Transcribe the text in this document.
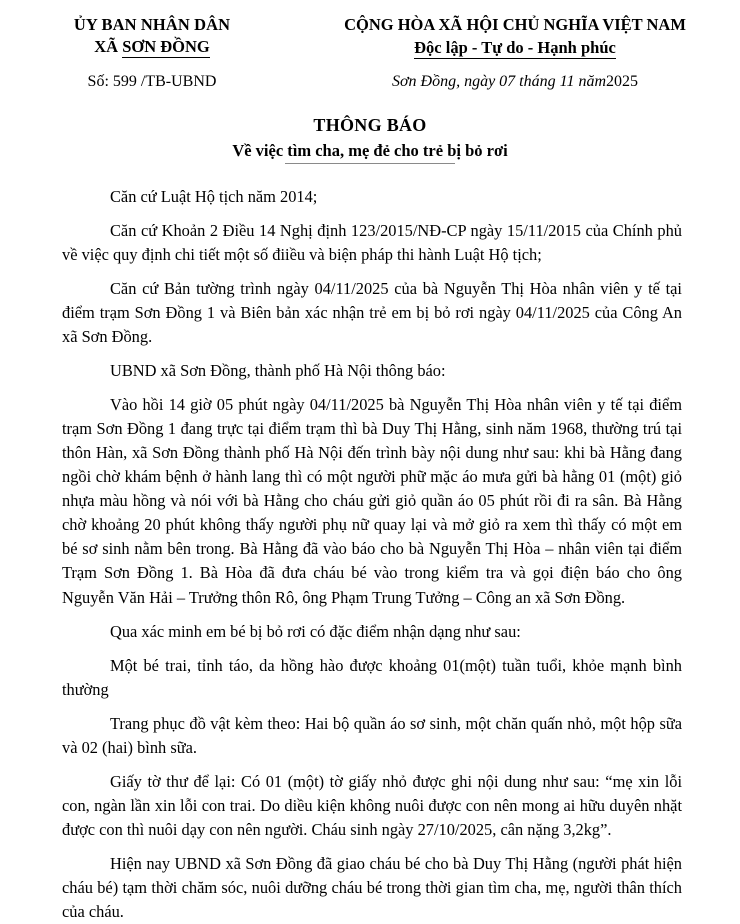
ỦY BAN NHÂN DÂN
XÃ SƠN ĐỒNG
CỘNG HÒA XÃ HỘI CHỦ NGHĨA VIỆT NAM
Độc lập - Tự do - Hạnh phúc
Số: 599 /TB-UBND	Sơn Đồng, ngày 07 tháng 11 năm2025
THÔNG BÁO
Về việc tìm cha, mẹ đẻ cho trẻ bị bỏ rơi

Căn cứ Luật Hộ tịch năm 2014;

Căn cứ Khoản 2 Điều 14 Nghị định 123/2015/NĐ-CP ngày 15/11/2015 của Chính phủ về việc quy định chi tiết một số điiều và biện pháp thi hành Luật Hộ tịch;

Căn cứ Bản tường trình ngày 04/11/2025 của bà Nguyễn Thị Hòa nhân viên y tế tại điểm trạm Sơn Đồng 1 và Biên bản xác nhận trẻ em bị bỏ rơi ngày 04/11/2025 của Công An xã Sơn Đồng.

UBND xã Sơn Đồng, thành phố Hà Nội thông báo:

Vào hồi 14 giờ 05 phút ngày 04/11/2025 bà Nguyễn Thị Hòa nhân viên y tế tại điểm trạm Sơn Đồng 1 đang trực tại điểm trạm thì bà Duy Thị Hằng, sinh năm 1968, thường trú tại thôn Hàn, xã Sơn Đồng thành phố Hà Nội đến trình bày nội dung như sau: khi bà Hằng đang ngồi chờ khám bệnh ở hành lang thì có một người phữ mặc áo mưa gửi bà hằng 01 (một) giỏ nhựa màu hồng và nói với bà Hằng cho cháu gửi giỏ quần áo 05 phút rồi đi ra sân. Bà Hằng chờ khoảng 20 phút không thấy người phụ nữ quay lại và mở giỏ ra xem thì thấy có một em bé sơ sinh nằm bên trong. Bà Hằng đã vào báo cho bà Nguyễn Thị Hòa – nhân viên tại điểm Trạm Sơn Đồng 1. Bà Hòa đã đưa cháu bé vào trong kiểm tra và gọi điện báo cho ông Nguyễn Văn Hải – Trưởng thôn Rô, ông Phạm Trung Tưởng – Công an xã Sơn Đồng.

Qua xác minh em bé bị bỏ rơi có đặc điểm nhận dạng như sau:

Một bé trai, tỉnh táo, da hồng hào được khoảng 01(một) tuần tuổi, khỏe mạnh bình thường

Trang phục đồ vật kèm theo: Hai bộ quần áo sơ sinh, một chăn quấn nhỏ, một hộp sữa và 02 (hai) bình sữa.

Giấy tờ thư để lại: Có 01 (một) tờ giấy nhỏ được ghi nội dung như sau: “mẹ xin lỗi con, ngàn lần xin lỗi con trai. Do diều kiện không nuôi được con nên mong ai hữu duyên nhặt được con thì nuôi dạy con nên người. Cháu sinh ngày 27/10/2025, cân nặng 3,2kg”.

Hiện nay UBND xã Sơn Đồng đã giao cháu bé cho bà Duy Thị Hằng (người phát hiện cháu bé) tạm thời chăm sóc, nuôi dưỡng cháu bé trong thời gian tìm cha, mẹ, người thân thích của cháu.
